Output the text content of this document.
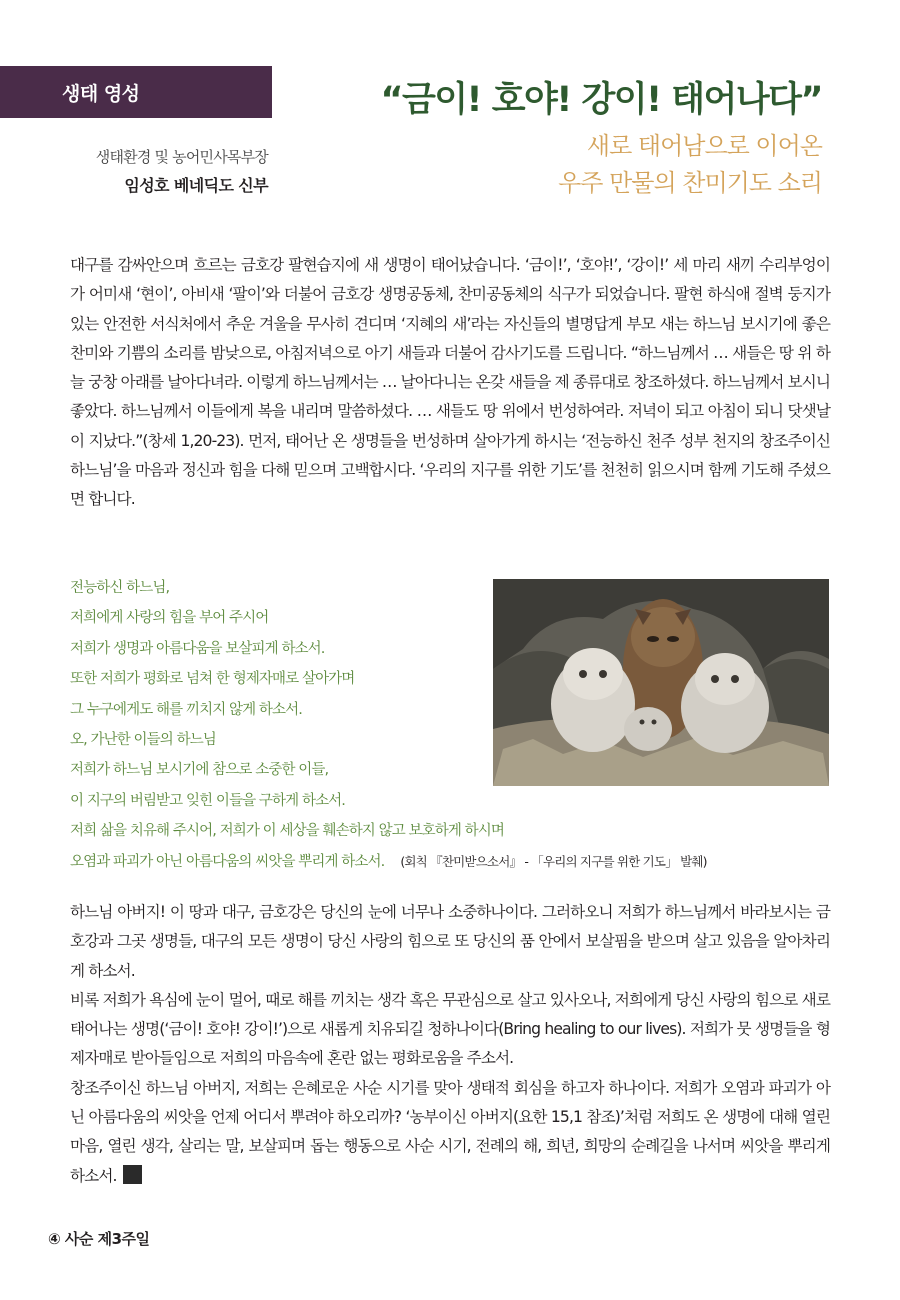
생태 영성
생태환경 및 농어민사목부장
임성호 베네딕도 신부
“금이! 호야! 강이! 태어나다”
새로 태어남으로 이어온
우주 만물의 찬미기도 소리

대구를 감싸안으며 흐르는 금호강 팔현습지에 새 생명이 태어났습니다. ‘금이!’, ‘호야!’, ‘강이!’ 세 마리 새끼 수리부엉이가 어미새 ‘현이’, 아비새 ‘팔이’와 더불어 금호강 생명공동체, 찬미공동체의 식구가 되었습니다. 팔현 하식애 절벽 둥지가 있는 안전한 서식처에서 추운 겨울을 무사히 견디며 ‘지혜의 새’라는 자신들의 별명답게 부모 새는 하느님 보시기에 좋은 찬미와 기쁨의 소리를 밤낮으로, 아침저녁으로 아기 새들과 더불어 감사기도를 드립니다. “하느님께서 … 새들은 땅 위 하늘 궁창 아래를 날아다녀라. 이렇게 하느님께서는 … 날아다니는 온갖 새들을 제 종류대로 창조하셨다. 하느님께서 보시니 좋았다. 하느님께서 이들에게 복을 내리며 말씀하셨다. … 새들도 땅 위에서 번성하여라. 저녁이 되고 아침이 되니 닷샛날이 지났다.”(창세 1,20-23). 먼저, 태어난 온 생명들을 번성하며 살아가게 하시는 ‘전능하신 천주 성부 천지의 창조주이신 하느님’을 마음과 정신과 힘을 다해 믿으며 고백합시다. ‘우리의 지구를 위한 기도’를 천천히 읽으시며 함께 기도해 주셨으면 합니다.

전능하신 하느님,
저희에게 사랑의 힘을 부어 주시어
저희가 생명과 아름다움을 보살피게 하소서.
또한 저희가 평화로 넘쳐 한 형제자매로 살아가며
그 누구에게도 해를 끼치지 않게 하소서.
오, 가난한 이들의 하느님
저희가 하느님 보시기에 참으로 소중한 이들,
이 지구의 버림받고 잊힌 이들을 구하게 하소서.
저희 삶을 치유해 주시어, 저희가 이 세상을 훼손하지 않고 보호하게 하시며
오염과 파괴가 아닌 아름다움의 씨앗을 뿌리게 하소서. (회칙 『찬미받으소서』 - 「우리의 지구를 위한 기도」 발췌)

하느님 아버지! 이 땅과 대구, 금호강은 당신의 눈에 너무나 소중하나이다. 그러하오니 저희가 하느님께서 바라보시는 금호강과 그곳 생명들, 대구의 모든 생명이 당신 사랑의 힘으로 또 당신의 품 안에서 보살핌을 받으며 살고 있음을 알아차리게 하소서.

비록 저희가 욕심에 눈이 멀어, 때로 해를 끼치는 생각 혹은 무관심으로 살고 있사오나, 저희에게 당신 사랑의 힘으로 새로 태어나는 생명(‘금이! 호야! 강이!’)으로 새롭게 치유되길 청하나이다(Bring healing to our lives). 저희가 뭇 생명들을 형제자매로 받아들임으로 저희의 마음속에 혼란 없는 평화로움을 주소서.

창조주이신 하느님 아버지, 저희는 은혜로운 사순 시기를 맞아 생태적 회심을 하고자 하나이다. 저희가 오염과 파괴가 아닌 아름다움의 씨앗을 언제 어디서 뿌려야 하오리까? ‘농부이신 아버지(요한 15,1 참조)’처럼 저희도 온 생명에 대해 열린 마음, 열린 생각, 살리는 말, 보살피며 돕는 행동으로 사순 시기, 전례의 해, 희년, 희망의 순례길을 나서며 씨앗을 뿌리게 하소서.

④ 사순 제3주일
